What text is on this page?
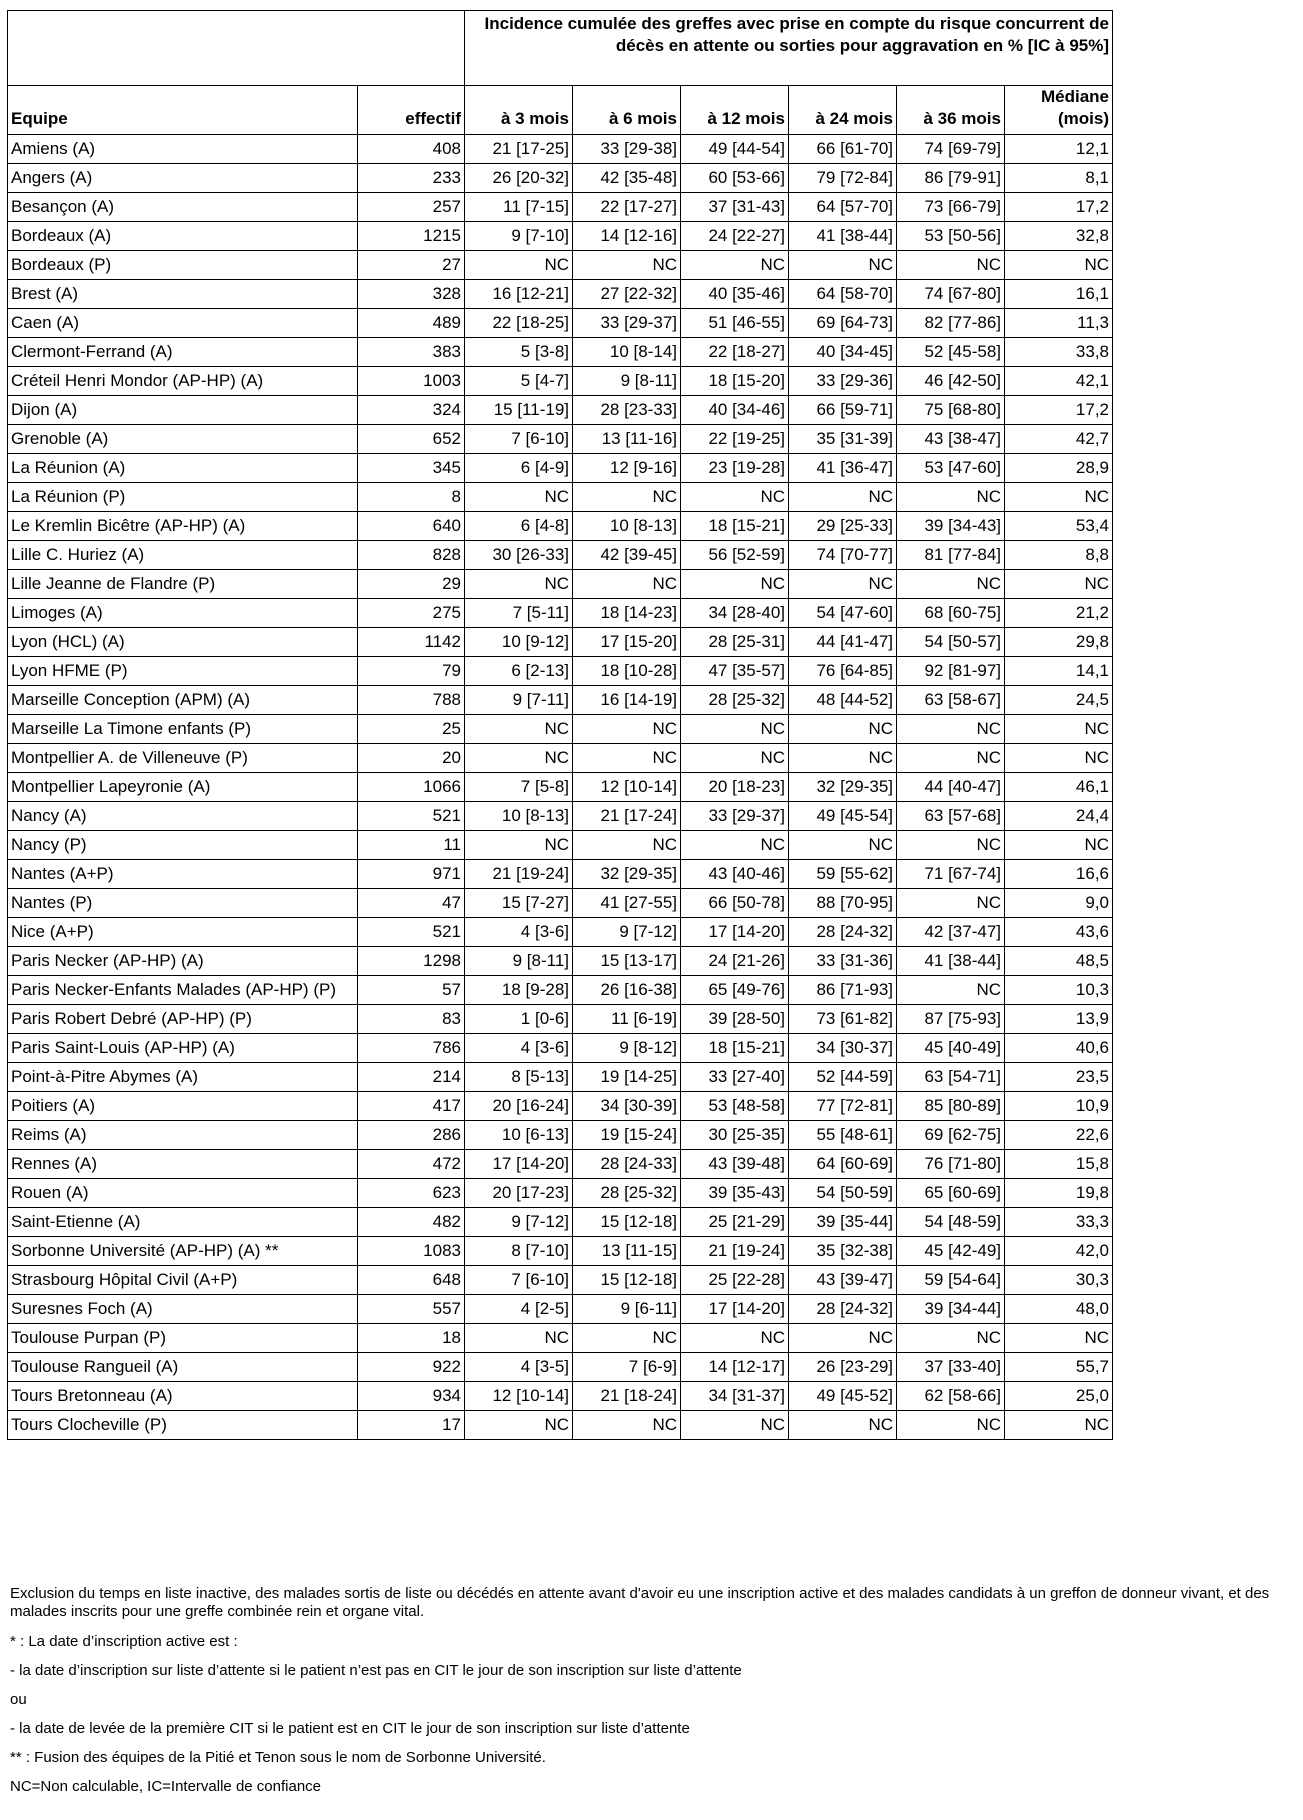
		Incidence cumulée des greffes avec prise en compte du risque concurrent de décès en attente ou sorties pour aggravation en % [IC à 95%]					
Equipe	effectif	à 3 mois	à 6 mois	à 12 mois	à 24 mois	à 36 mois	Médiane (mois)
Amiens (A)	408	21 [17-25]	33 [29-38]	49 [44-54]	66 [61-70]	74 [69-79]	12,1
Angers (A)	233	26 [20-32]	42 [35-48]	60 [53-66]	79 [72-84]	86 [79-91]	8,1
Besançon (A)	257	11 [7-15]	22 [17-27]	37 [31-43]	64 [57-70]	73 [66-79]	17,2
Bordeaux (A)	1215	9 [7-10]	14 [12-16]	24 [22-27]	41 [38-44]	53 [50-56]	32,8
Bordeaux (P)	27	NC	NC	NC	NC	NC	NC
Brest (A)	328	16 [12-21]	27 [22-32]	40 [35-46]	64 [58-70]	74 [67-80]	16,1
Caen (A)	489	22 [18-25]	33 [29-37]	51 [46-55]	69 [64-73]	82 [77-86]	11,3
Clermont-Ferrand (A)	383	5 [3-8]	10 [8-14]	22 [18-27]	40 [34-45]	52 [45-58]	33,8
Créteil Henri Mondor (AP-HP) (A)	1003	5 [4-7]	9 [8-11]	18 [15-20]	33 [29-36]	46 [42-50]	42,1
Dijon (A)	324	15 [11-19]	28 [23-33]	40 [34-46]	66 [59-71]	75 [68-80]	17,2
Grenoble (A)	652	7 [6-10]	13 [11-16]	22 [19-25]	35 [31-39]	43 [38-47]	42,7
La Réunion (A)	345	6 [4-9]	12 [9-16]	23 [19-28]	41 [36-47]	53 [47-60]	28,9
La Réunion (P)	8	NC	NC	NC	NC	NC	NC
Le Kremlin Bicêtre (AP-HP) (A)	640	6 [4-8]	10 [8-13]	18 [15-21]	29 [25-33]	39 [34-43]	53,4
Lille C. Huriez (A)	828	30 [26-33]	42 [39-45]	56 [52-59]	74 [70-77]	81 [77-84]	8,8
Lille Jeanne de Flandre (P)	29	NC	NC	NC	NC	NC	NC
Limoges (A)	275	7 [5-11]	18 [14-23]	34 [28-40]	54 [47-60]	68 [60-75]	21,2
Lyon (HCL) (A)	1142	10 [9-12]	17 [15-20]	28 [25-31]	44 [41-47]	54 [50-57]	29,8
Lyon HFME (P)	79	6 [2-13]	18 [10-28]	47 [35-57]	76 [64-85]	92 [81-97]	14,1
Marseille Conception (APM) (A)	788	9 [7-11]	16 [14-19]	28 [25-32]	48 [44-52]	63 [58-67]	24,5
Marseille La Timone enfants (P)	25	NC	NC	NC	NC	NC	NC
Montpellier A. de Villeneuve (P)	20	NC	NC	NC	NC	NC	NC
Montpellier Lapeyronie (A)	1066	7 [5-8]	12 [10-14]	20 [18-23]	32 [29-35]	44 [40-47]	46,1
Nancy (A)	521	10 [8-13]	21 [17-24]	33 [29-37]	49 [45-54]	63 [57-68]	24,4
Nancy (P)	11	NC	NC	NC	NC	NC	NC
Nantes (A+P)	971	21 [19-24]	32 [29-35]	43 [40-46]	59 [55-62]	71 [67-74]	16,6
Nantes (P)	47	15 [7-27]	41 [27-55]	66 [50-78]	88 [70-95]	NC	9,0
Nice (A+P)	521	4 [3-6]	9 [7-12]	17 [14-20]	28 [24-32]	42 [37-47]	43,6
Paris Necker (AP-HP) (A)	1298	9 [8-11]	15 [13-17]	24 [21-26]	33 [31-36]	41 [38-44]	48,5
Paris Necker-Enfants Malades (AP-HP) (P)	57	18 [9-28]	26 [16-38]	65 [49-76]	86 [71-93]	NC	10,3
Paris Robert Debré (AP-HP) (P)	83	1 [0-6]	11 [6-19]	39 [28-50]	73 [61-82]	87 [75-93]	13,9
Paris Saint-Louis (AP-HP) (A)	786	4 [3-6]	9 [8-12]	18 [15-21]	34 [30-37]	45 [40-49]	40,6
Point-à-Pitre Abymes (A)	214	8 [5-13]	19 [14-25]	33 [27-40]	52 [44-59]	63 [54-71]	23,5
Poitiers (A)	417	20 [16-24]	34 [30-39]	53 [48-58]	77 [72-81]	85 [80-89]	10,9
Reims (A)	286	10 [6-13]	19 [15-24]	30 [25-35]	55 [48-61]	69 [62-75]	22,6
Rennes (A)	472	17 [14-20]	28 [24-33]	43 [39-48]	64 [60-69]	76 [71-80]	15,8
Rouen (A)	623	20 [17-23]	28 [25-32]	39 [35-43]	54 [50-59]	65 [60-69]	19,8
Saint-Etienne (A)	482	9 [7-12]	15 [12-18]	25 [21-29]	39 [35-44]	54 [48-59]	33,3
Sorbonne Université (AP-HP) (A) **	1083	8 [7-10]	13 [11-15]	21 [19-24]	35 [32-38]	45 [42-49]	42,0
Strasbourg Hôpital Civil (A+P)	648	7 [6-10]	15 [12-18]	25 [22-28]	43 [39-47]	59 [54-64]	30,3
Suresnes Foch (A)	557	4 [2-5]	9 [6-11]	17 [14-20]	28 [24-32]	39 [34-44]	48,0
Toulouse Purpan (P)	18	NC	NC	NC	NC	NC	NC
Toulouse Rangueil (A)	922	4 [3-5]	7 [6-9]	14 [12-17]	26 [23-29]	37 [33-40]	55,7
Tours Bretonneau (A)	934	12 [10-14]	21 [18-24]	34 [31-37]	49 [45-52]	62 [58-66]	25,0
Tours Clocheville (P)	17	NC	NC	NC	NC	NC	NC

Exclusion du temps en liste inactive, des malades sortis de liste ou décédés en attente avant d'avoir eu une inscription active et des malades candidats à un greffon de donneur vivant, et des malades inscrits pour une greffe combinée rein et organe vital.

* : La date d’inscription active est :

- la date d’inscription sur liste d’attente si le patient n’est pas en CIT le jour de son inscription sur liste d’attente

ou

- la date de levée de la première CIT si le patient est en CIT le jour de son inscription sur liste d’attente

** : Fusion des équipes de la Pitié et Tenon sous le nom de Sorbonne Université.

NC=Non calculable, IC=Intervalle de confiance
